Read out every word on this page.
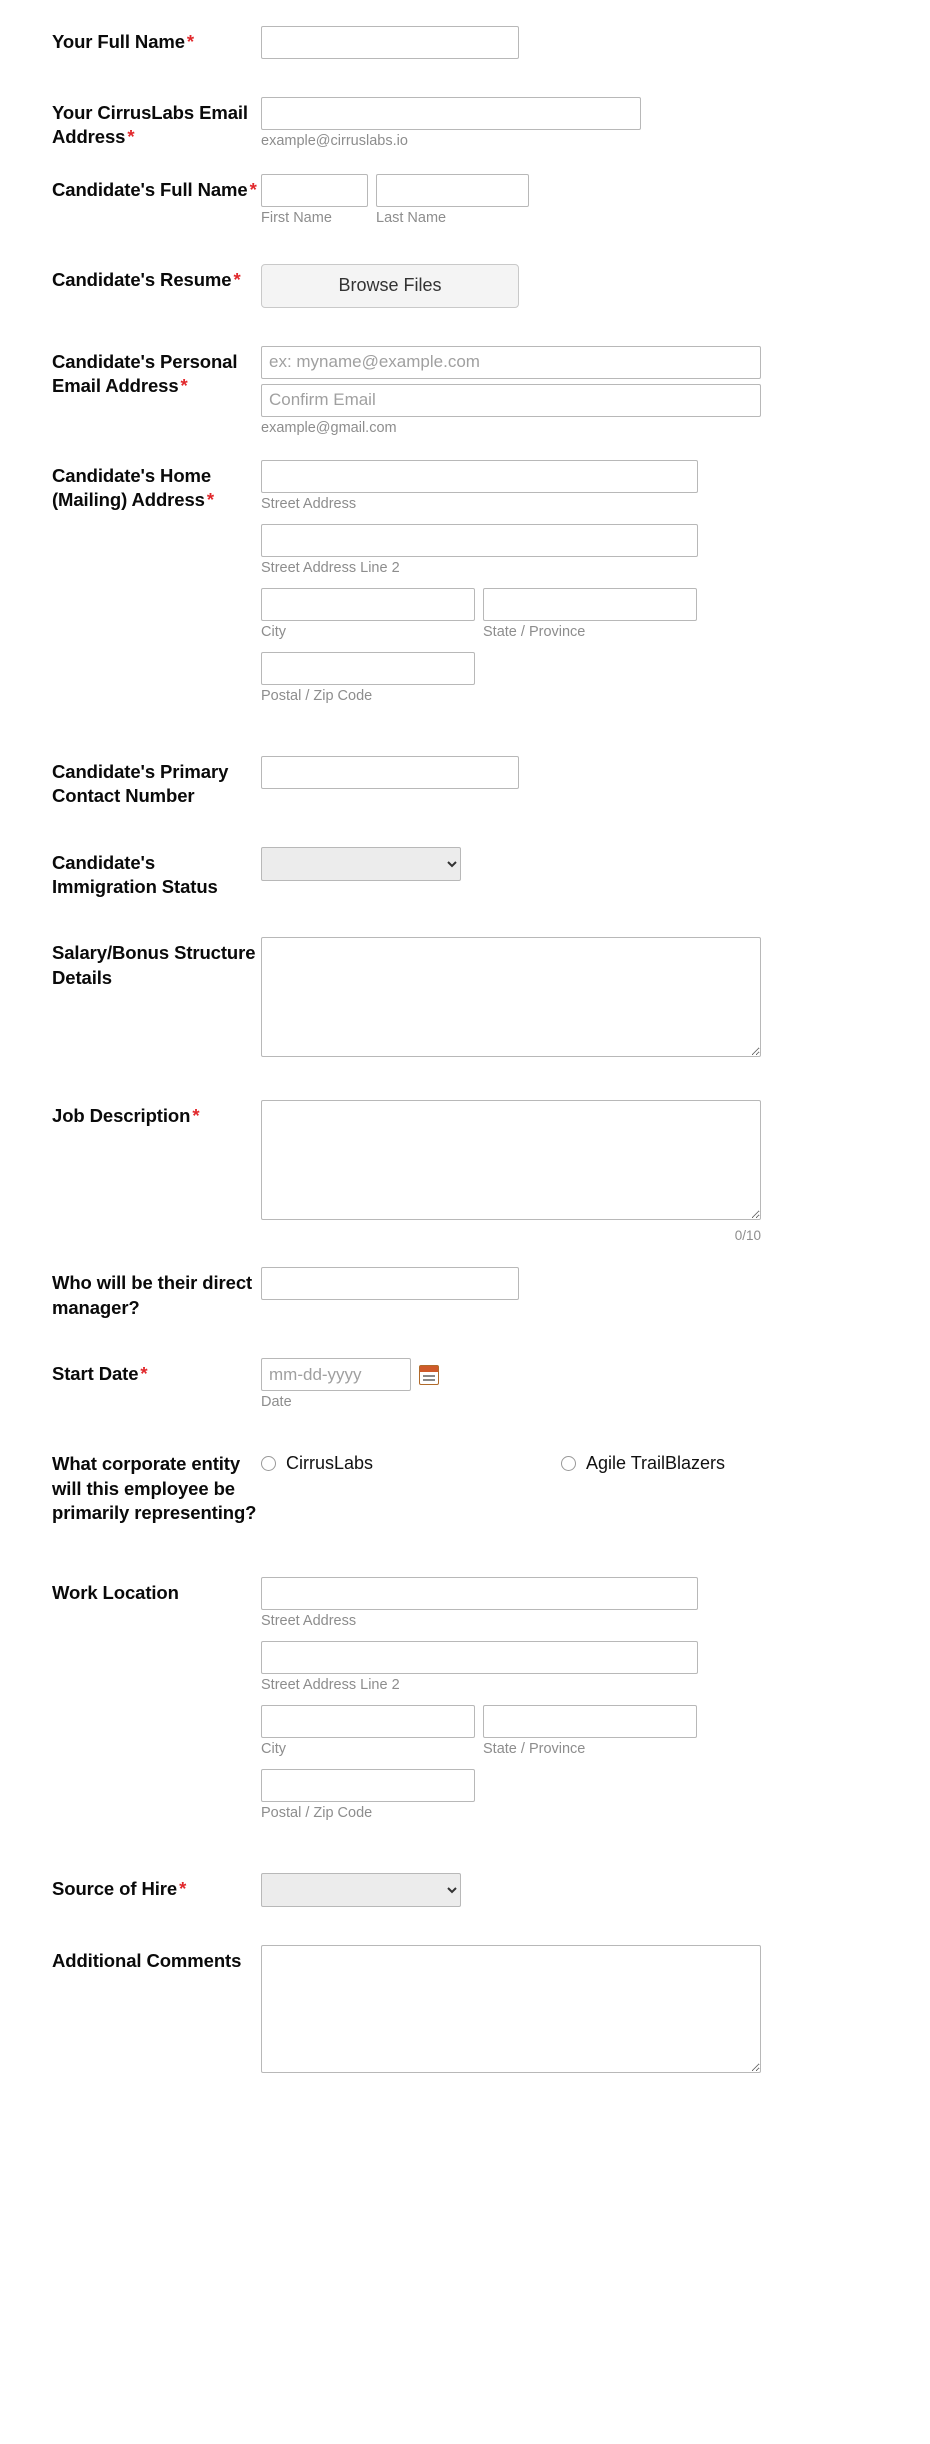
Your Full Name *
Your CirrusLabs Email Address *	example@cirruslabs.io
Candidate's Full Name *
First Name	Last Name
Candidate's Resume *	Browse Files
Candidate's Personal Email Address *
ex: myname@example.com
Confirm Email
example@gmail.com
Candidate's Home (Mailing) Address *	Street Address
Street Address Line 2
City	State / Province
Postal / Zip Code
Candidate's Primary Contact Number
Candidate's Immigration Status
Salary/Bonus Structure Details
Job Description *
0/10
Who will be their direct manager?
Start Date *
mm-dd-yyyy
Date
What corporate entity will this employee be primarily representing?
CirrusLabs	Agile TrailBlazers
Work Location
Street Address
Street Address Line 2
City	State / Province
Postal / Zip Code
Source of Hire *
Additional Comments
